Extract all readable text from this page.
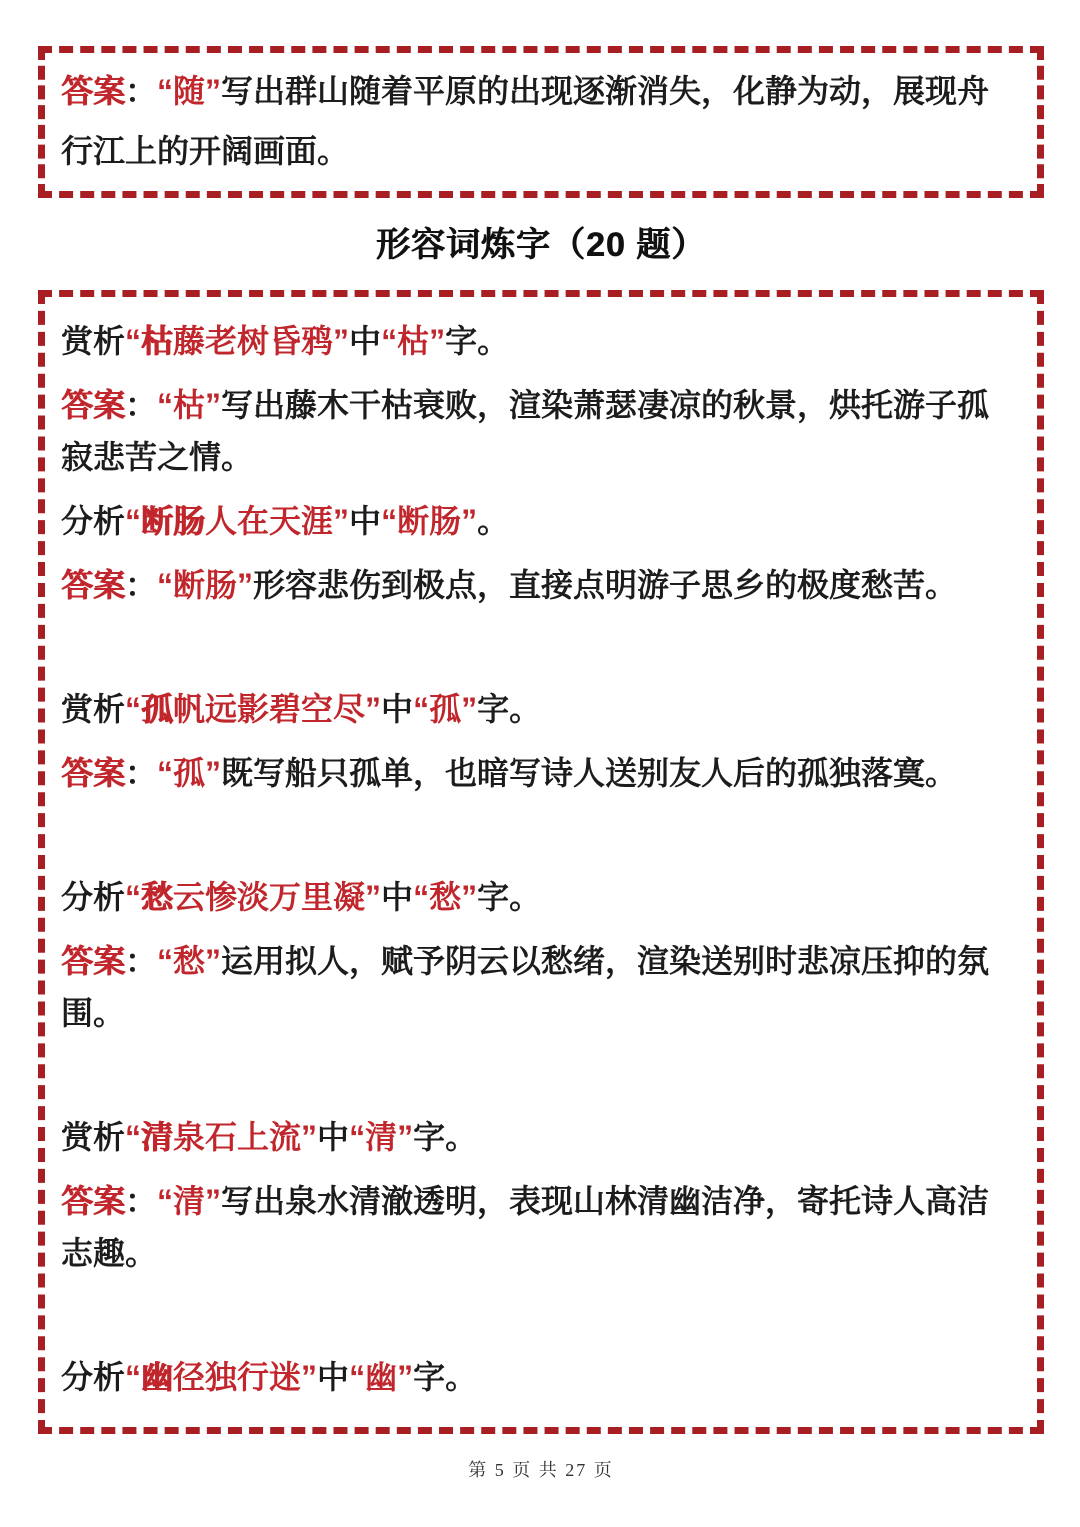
答案：“随”写出群山随着平原的出现逐渐消失，化静为动，展现舟行江上的开阔画面。

形容词炼字（20 题）

赏析“枯藤老树昏鸦”中“枯”字。

答案：“枯”写出藤木干枯衰败，渲染萧瑟凄凉的秋景，烘托游子孤寂悲苦之情。

分析“断肠人在天涯”中“断肠”。

答案：“断肠”形容悲伤到极点，直接点明游子思乡的极度愁苦。

赏析“孤帆远影碧空尽”中“孤”字。

答案：“孤”既写船只孤单，也暗写诗人送别友人后的孤独落寞。

分析“愁云惨淡万里凝”中“愁”字。

答案：“愁”运用拟人，赋予阴云以愁绪，渲染送别时悲凉压抑的氛围。

赏析“清泉石上流”中“清”字。

答案：“清”写出泉水清澈透明，表现山林清幽洁净，寄托诗人高洁志趣。

分析“幽径独行迷”中“幽”字。

第 5 页 共 27 页
